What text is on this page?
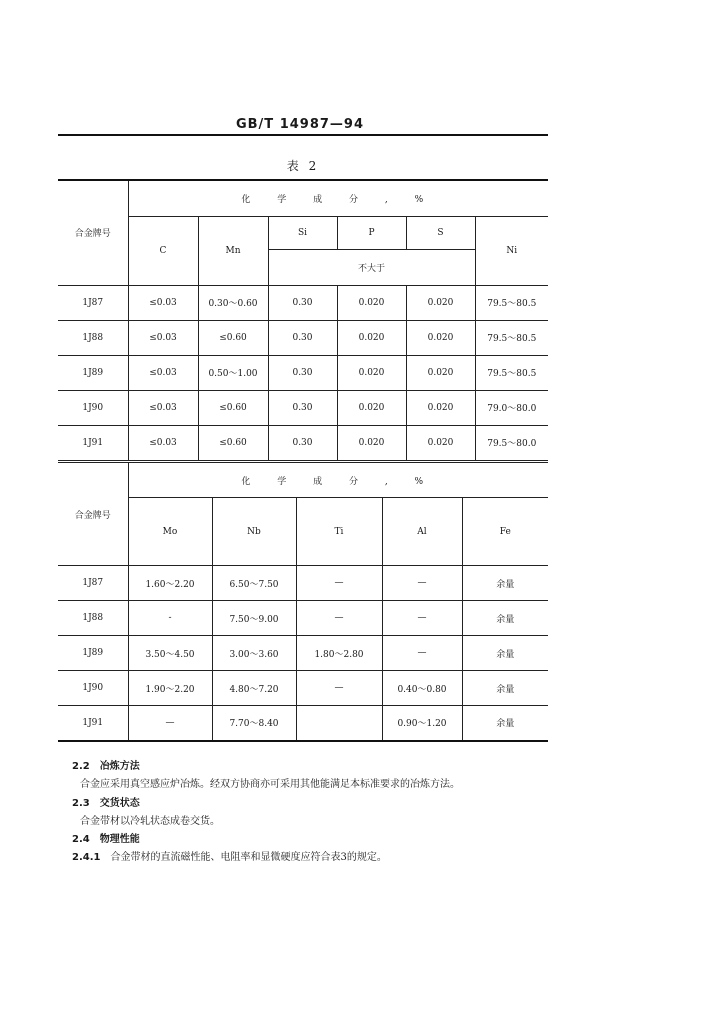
GB/T 14987—94
表 2
合金牌号	化 学 成 分 , %					
	C	Mn	Si	P	S	Ni
			不大于			
1J87	≤0.03	0.30～0.60	0.30	0.020	0.020	79.5～80.5
1J88	≤0.03	≤0.60	0.30	0.020	0.020	79.5～80.5
1J89	≤0.03	0.50～1.00	0.30	0.020	0.020	79.5～80.5
1J90	≤0.03	≤0.60	0.30	0.020	0.020	79.0～80.0
1J91	≤0.03	≤0.60	0.30	0.020	0.020	79.5～80.0
合金牌号	化 学 成 分 , %				
	Mo	Nb	Ti	Al	Fe
1J87	1.60～2.20	6.50～7.50	—	—	余量
1J88	-	7.50～9.00	—	—	余量
1J89	3.50～4.50	3.00～3.60	1.80～2.80	—	余量
1J90	1.90～2.20	4.80～7.20	—	0.40～0.80	余量
1J91	—	7.70～8.40		0.90～1.20	余量
2.2 冶炼方法
合金应采用真空感应炉冶炼。经双方协商亦可采用其他能满足本标准要求的冶炼方法。
2.3 交货状态
合金带材以冷轧状态成卷交货。
2.4 物理性能
2.4.1 合金带材的直流磁性能、电阻率和显微硬度应符合表3的规定。
